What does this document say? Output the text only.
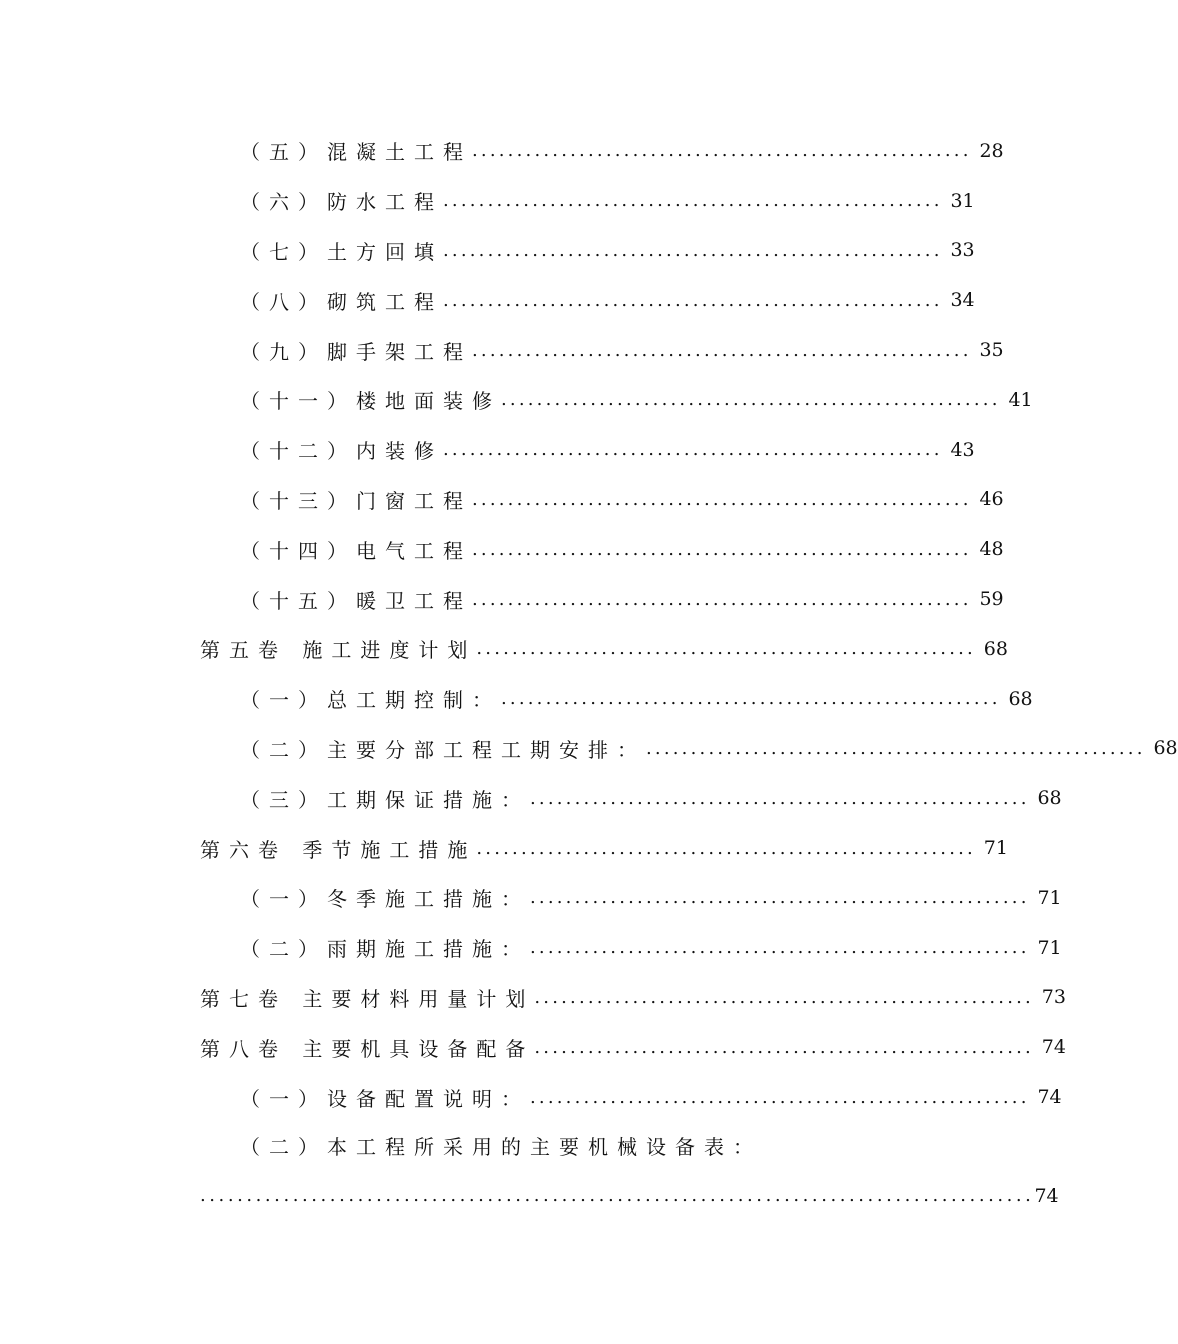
（五）混凝土工程 ........................................................ 28
（六）防水工程 ........................................................ 31
（七）土方回填 ........................................................ 33
（八）砌筑工程 ........................................................ 34
（九）脚手架工程 ........................................................ 35
（十一）楼地面装修 ........................................................ 41
（十二）内装修 ........................................................ 43
（十三）门窗工程 ........................................................ 46
（十四）电气工程 ........................................................ 48
（十五）暖卫工程 ........................................................ 59
第五卷 施工进度计划 ........................................................ 68
（一）总工期控制： ........................................................ 68
（二）主要分部工程工期安排： ........................................................ 68
（三）工期保证措施： ........................................................ 68
第六卷 季节施工措施 ........................................................ 71
（一）冬季施工措施： ........................................................ 71
（二）雨期施工措施： ........................................................ 71
第七卷 主要材料用量计划 ........................................................ 73
第八卷 主要机具设备配备 ........................................................ 74
（一）设备配置说明： ........................................................ 74
（二）本工程所采用的主要机械设备表：
.......................................................................................... 74
